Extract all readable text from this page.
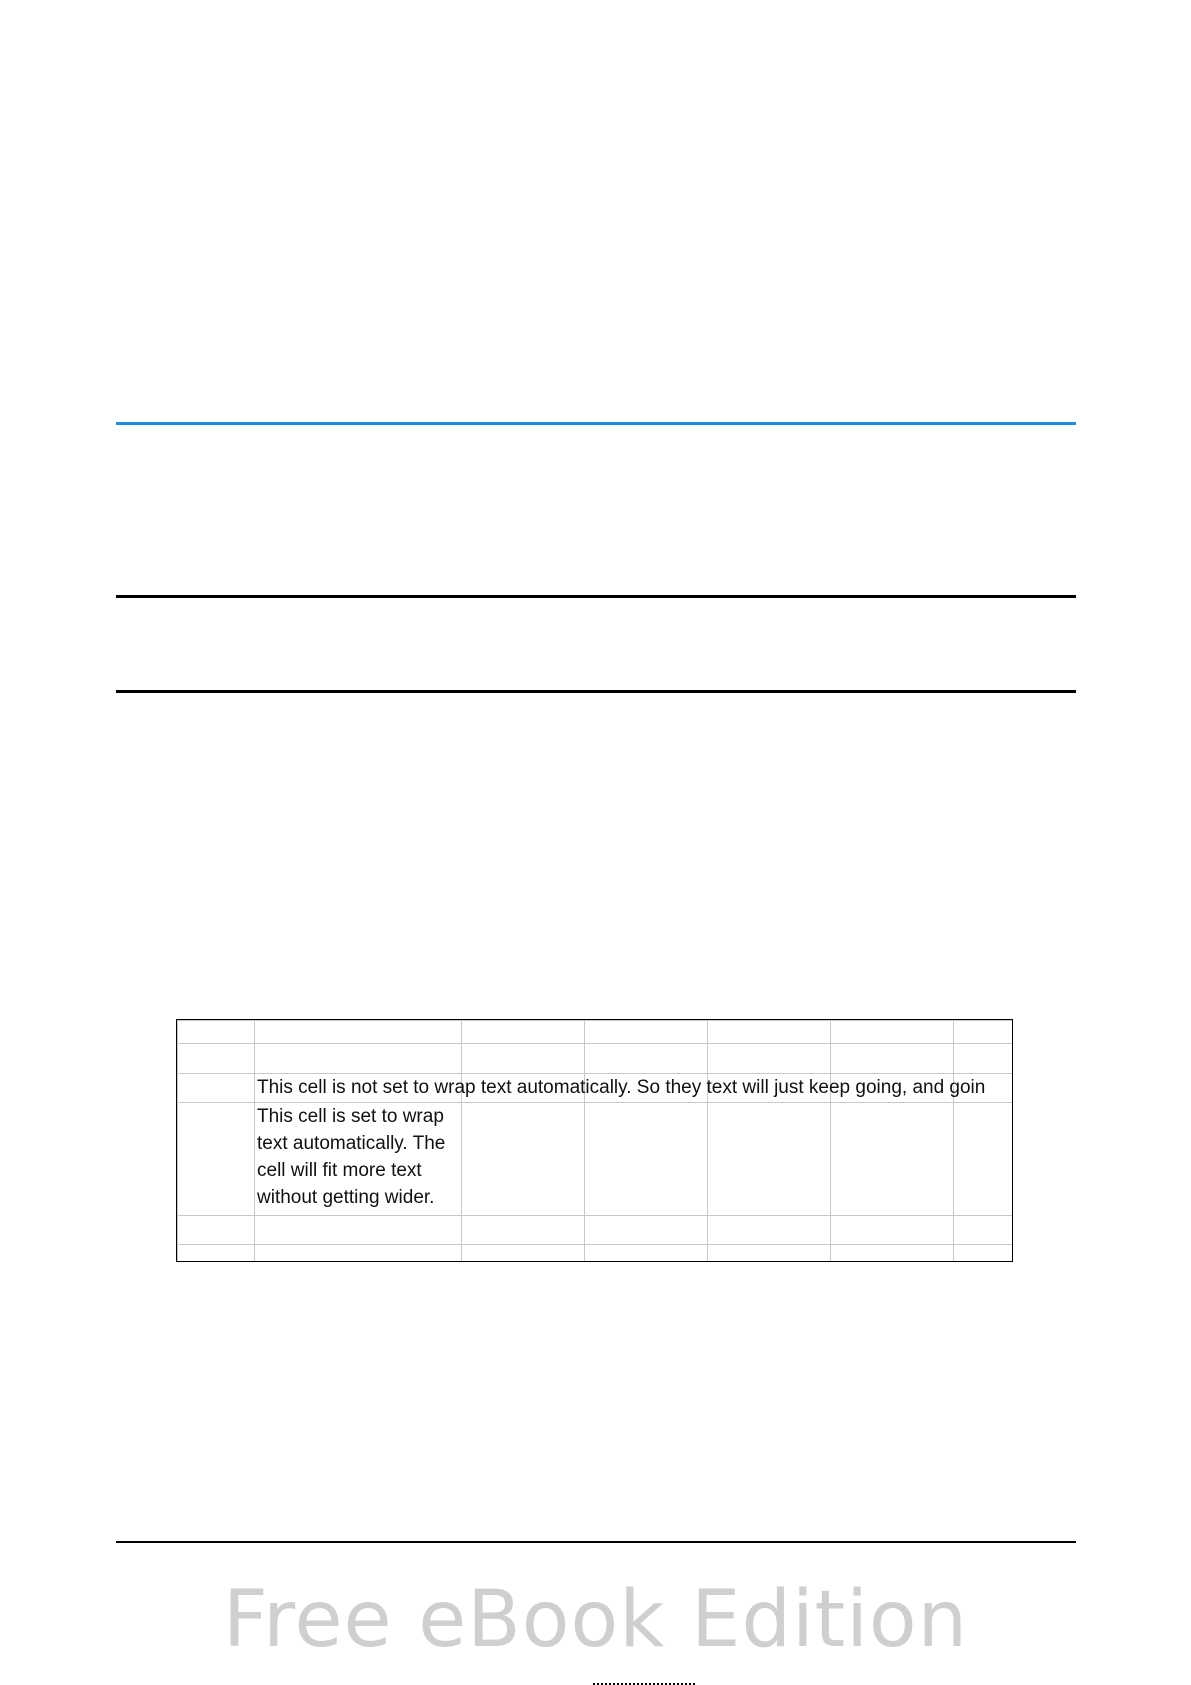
	This cell is not set to wrap text automatically. So they text will just keep going, and goin					
	This cell is set to wrap text automatically. The cell will fit more text without getting wider.					

Free eBook Edition
